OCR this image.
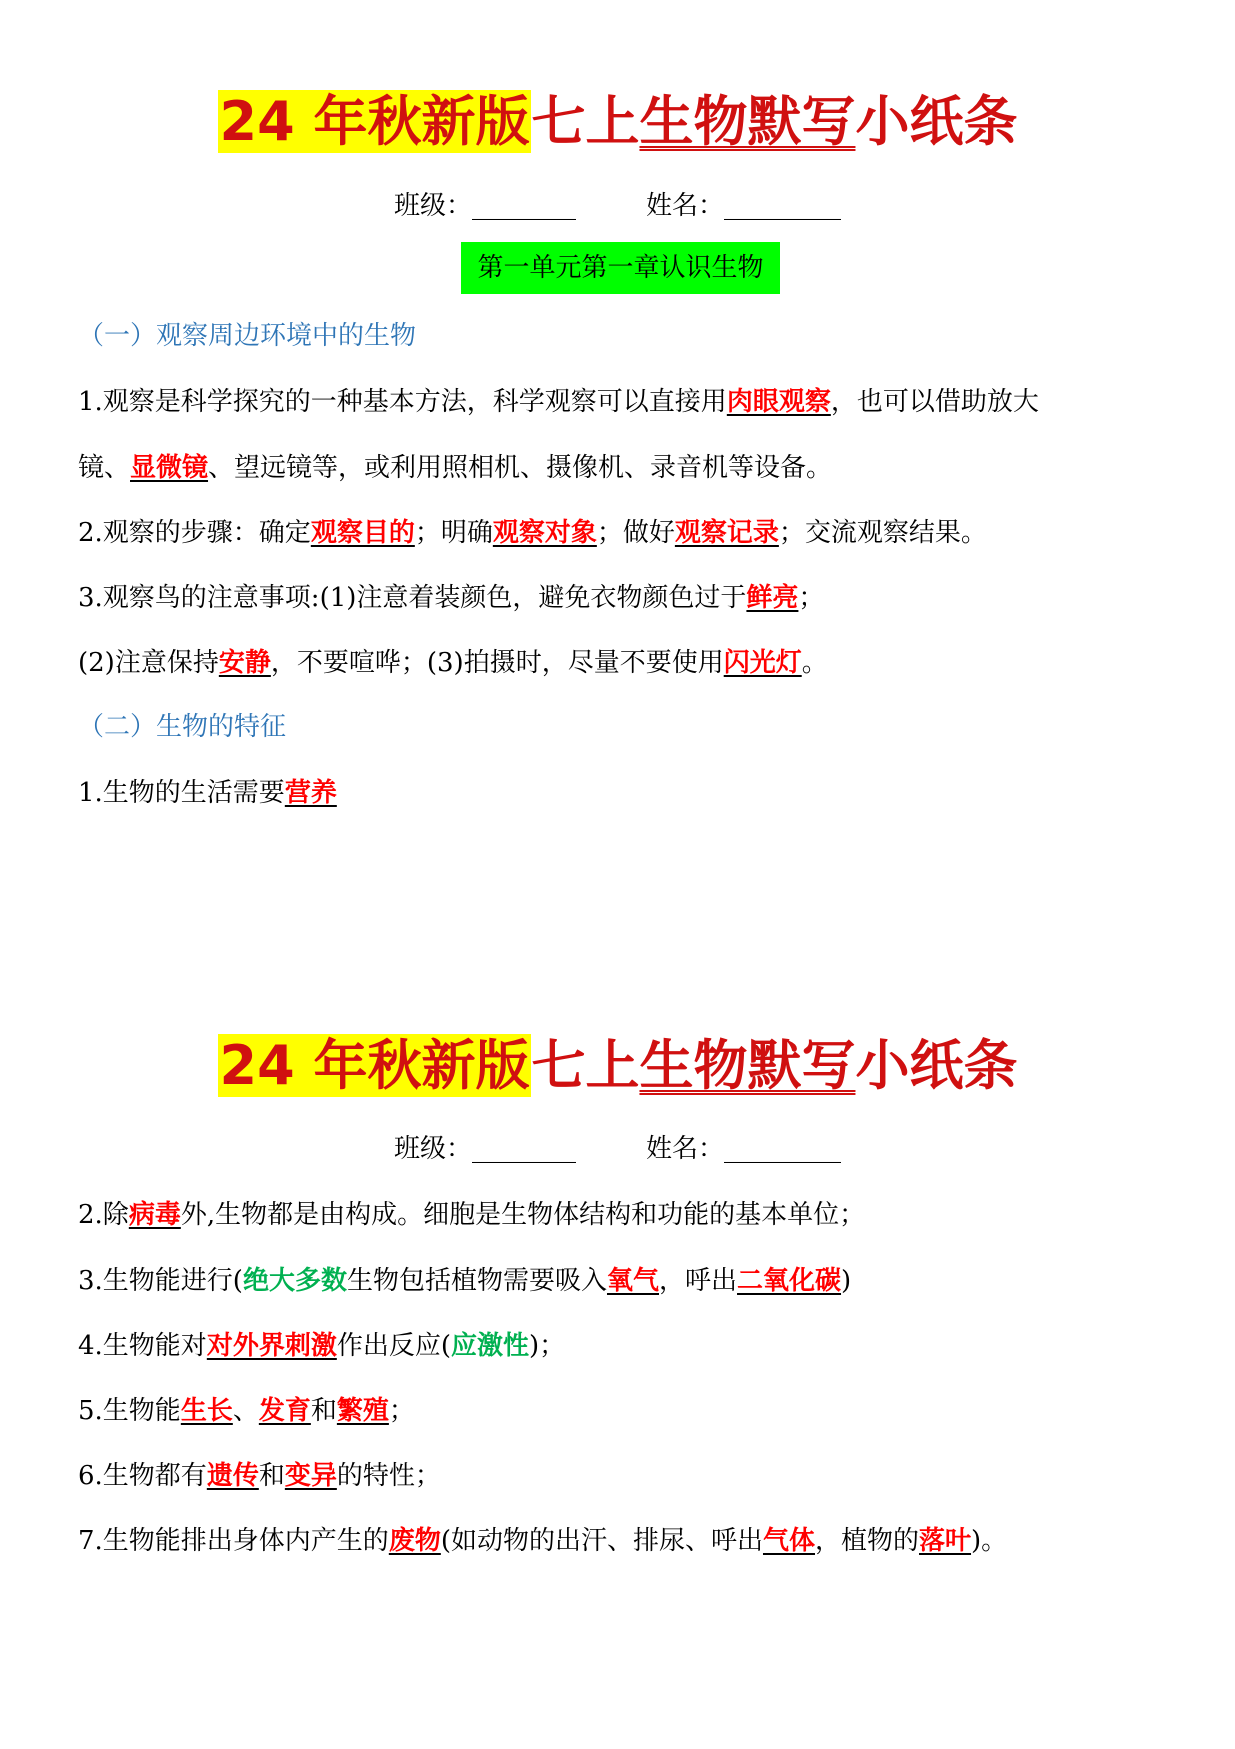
24 年秋新版七上生物默写小纸条
班级：________	姓名：_________
第一单元第一章认识生物
（一）观察周边环境中的生物
1.观察是科学探究的一种基本方法，科学观察可以直接用肉眼观察，也可以借助放大
镜、显微镜、望远镜等，或利用照相机、摄像机、录音机等设备。
2.观察的步骤：确定观察目的；明确观察对象；做好观察记录；交流观察结果。
3.观察鸟的注意事项:(1)注意着装颜色，避免衣物颜色过于鲜亮；
(2)注意保持安静，不要喧哗；(3)拍摄时，尽量不要使用闪光灯。
（二）生物的特征
1.生物的生活需要营养
24 年秋新版七上生物默写小纸条
班级：________	姓名：_________
2.除病毒外,生物都是由构成。细胞是生物体结构和功能的基本单位；
3.生物能进行(绝大多数生物包括植物需要吸入氧气，呼出二氧化碳)
4.生物能对对外界刺激作出反应(应激性)；
5.生物能生长、发育和繁殖；
6.生物都有遗传和变异的特性；
7.生物能排出身体内产生的废物(如动物的出汗、排尿、呼出气体，植物的落叶)。
